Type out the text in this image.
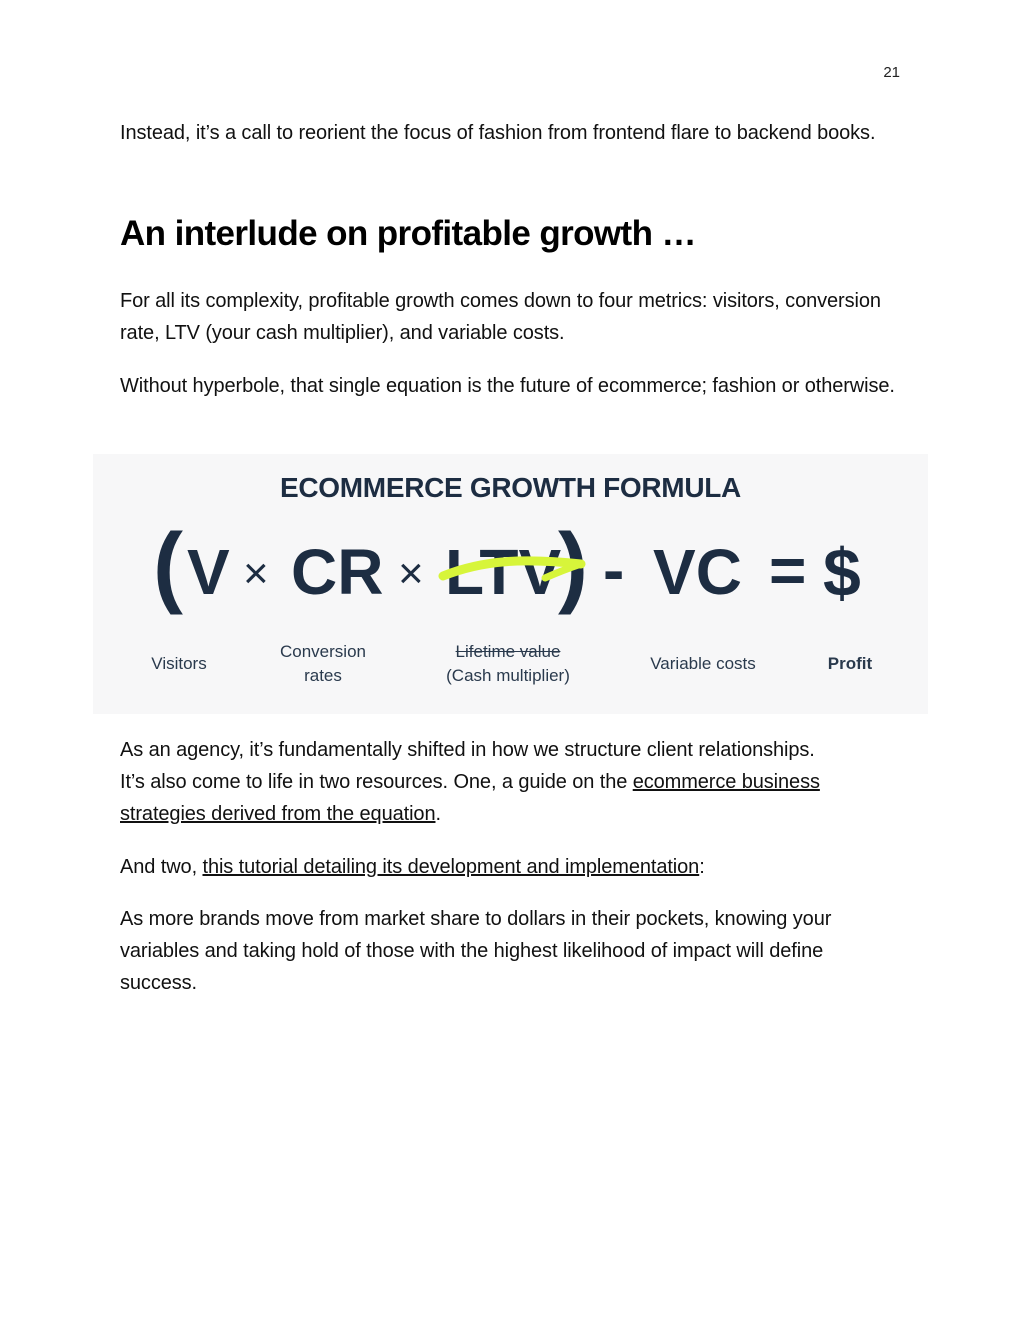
21

Instead, it’s a call to reorient the focus of fashion from frontend flare to backend books.

An interlude on profitable growth …

For all its complexity, profitable growth comes down to four metrics: visitors, conversion rate, LTV (your cash multiplier), and variable costs.

Without hyperbole, that single equation is the future of ecommerce; fashion or otherwise.

ECOMMERCE GROWTH FORMULA
( V × CR × LTV
) - VC = $
Visitors
Conversion
rates
Lifetime value
(Cash multiplier)
Variable costs	Profit

As an agency, it’s fundamentally shifted in how we structure client relationships. It’s also come to life in two resources. One, a guide on the ecommerce business strategies derived from the equation.

And two, this tutorial detailing its development and implementation:

As more brands move from market share to dollars in their pockets, knowing your variables and taking hold of those with the highest likelihood of impact will define success.
